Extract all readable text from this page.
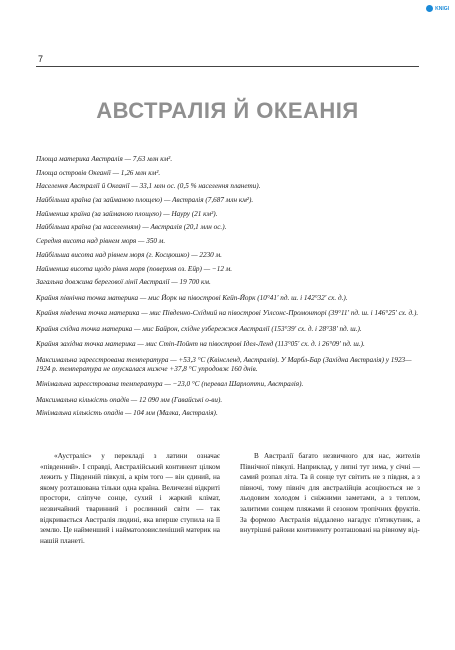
KNIGI
7
АВСТРАЛІЯ Й ОКЕАНІЯ
Площа материка Австралія — 7,63 млн км².
Площа островів Океанії — 1,26 млн км².
Населення Австралії й Океанії — 33,1 млн ос. (0,5 % населення планети).
Найбільша країна (за займаною площею) — Австралія (7,687 млн км²).
Найменша країна (за займаною площею) — Науру (21 км²).
Найбільша країна (за населенням) — Австралія (20,1 млн ос.).
Середня висота над рівнем моря — 350 м.
Найбільша висота над рівнем моря (г. Косцюшко) — 2230 м.
Найменша висота щодо рівня моря (поверхня оз. Ейр) — −12 м.
Загальна довжина берегової лінії Австралії — 19 700 км.
Крайня північна точка материка — мис Йорк на півострові Кейп-Йорк (10°41' пд. ш. і 142°32' сх. д.).
Крайня південна точка материка — мис Південно-Східний на півострові Уілсонс-Промонторі (39°11' пд. ш. і 146°25' сх. д.).
Крайня східна точка материка — мис Байрон, східне узбережжя Австралії (153°39' сх. д. і 28°38' пд. ш.).
Крайня західна точка материка — мис Стіп-Пойнт на півострові Ідел-Ленд (113°05' сх. д. і 26°09' пд. ш.).
Максимальна зареєстрована температура — +53,3 °С (Квінсленд, Австралія). У Марбл-Бар (Західна Австралія) у 1923—1924 р. температура не опускалася нижче +37,8 °С упродовж 160 днів.
Мінімальна зареєстрована температура — −23,0 °С (перевал Шарлотти, Австралія).
Максимальна кількість опадів — 12 090 мм (Гавайські о-ви).
Мінімальна кількість опадів — 104 мм (Малка, Австралія).

«Аустраліс» у перекладі з латини означає «південний». І справді, Австралійський континент цілком лежить у Південній півкулі, а крім того — він єдиний, на якому розташована тільки одна країна. Величезні відкриті простори, сліпуче сонце, сухий і жаркий клімат, незвичайний тваринний і рослинний світи — так відкривається Австралія людині, яка вперше ступила на її землю. Це найменший і найматоловисленіший материк на нашій планеті.

В Австралії багато незвичного для нас, жителів Північної півкулі. Наприклад, у липні тут зима, у січні — самий розпал літа. Та й сонце тут світить не з півдня, а з півночі, тому північ для австралійців асоціюється не з льодовим холодом і сніжними заметами, а з теплом, залитими сонцем пляжами й сезоном тропічних фруктів. За формою Австралія віддалено нагадує п'ятикутник, а внутрішні райони континенту розташовані на рівному від-
